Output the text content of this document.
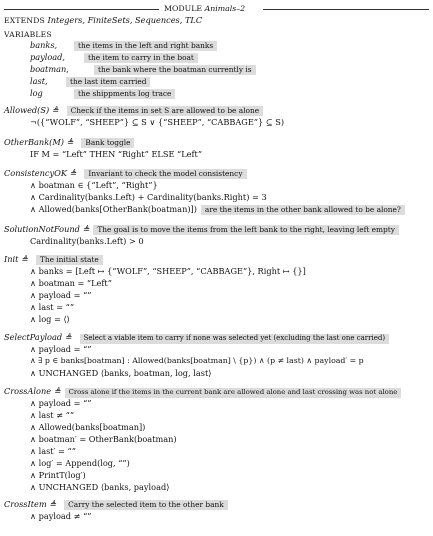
MODULE Animals–2
EXTENDS Integers, FiniteSets, Sequences, TLC
VARIABLES
banks,	the items in the left and right banks
payload,	the item to carry in the boat
boatman,	the bank where the boatman currently is
last,	the last item carried
log	the shippments log trace
Allowed(S) ≜ Check if the items in set S are allowed to be alone
¬({“WOLF”, “SHEEP”} ⊆ S ∨ {“SHEEP”, “CABBAGE”} ⊆ S)
OtherBank(M) ≜ Bank toggle
IF M = “Left” THEN “Right” ELSE “Left”
ConsistencyOK ≜ Invariant to check the model consistency
∧ boatman ∈ {“Left”, “Right”}
∧ Cardinality(banks.Left) + Cardinality(banks.Right) = 3
∧ Allowed(banks[OtherBank(boatman)]) are the items in the other bank allowed to be alone?
SolutionNotFound ≜ The goal is to move the items from the left bank to the right, leaving left empty
Cardinality(banks.Left) > 0
Init ≜ The initial state
∧ banks = [Left ↦ {“WOLF”, “SHEEP”, “CABBAGE”}, Right ↦ {}]
∧ boatman = “Left”
∧ payload = “”
∧ last = “”
∧ log = ⟨⟩
SelectPayload ≜ Select a viable item to carry if none was selected yet (excluding the last one carried)
∧ payload = “”
∧ ∃ p ∈ banks[boatman] : Allowed(banks[boatman] \ {p}) ∧ (p ≠ last) ∧ payload′ = p
∧ UNCHANGED ⟨banks, boatman, log, last⟩
CrossAlone ≜ Cross alone if the items in the current bank are allowed alone and last crossing was not alone
∧ payload = “”
∧ last ≠ “”
∧ Allowed(banks[boatman])
∧ boatman′ = OtherBank(boatman)
∧ last′ = “”
∧ log′ = Append(log, “”)
∧ PrintT(log′)
∧ UNCHANGED ⟨banks, payload⟩
CrossItem ≜ Carry the selected item to the other bank
∧ payload ≠ “”
